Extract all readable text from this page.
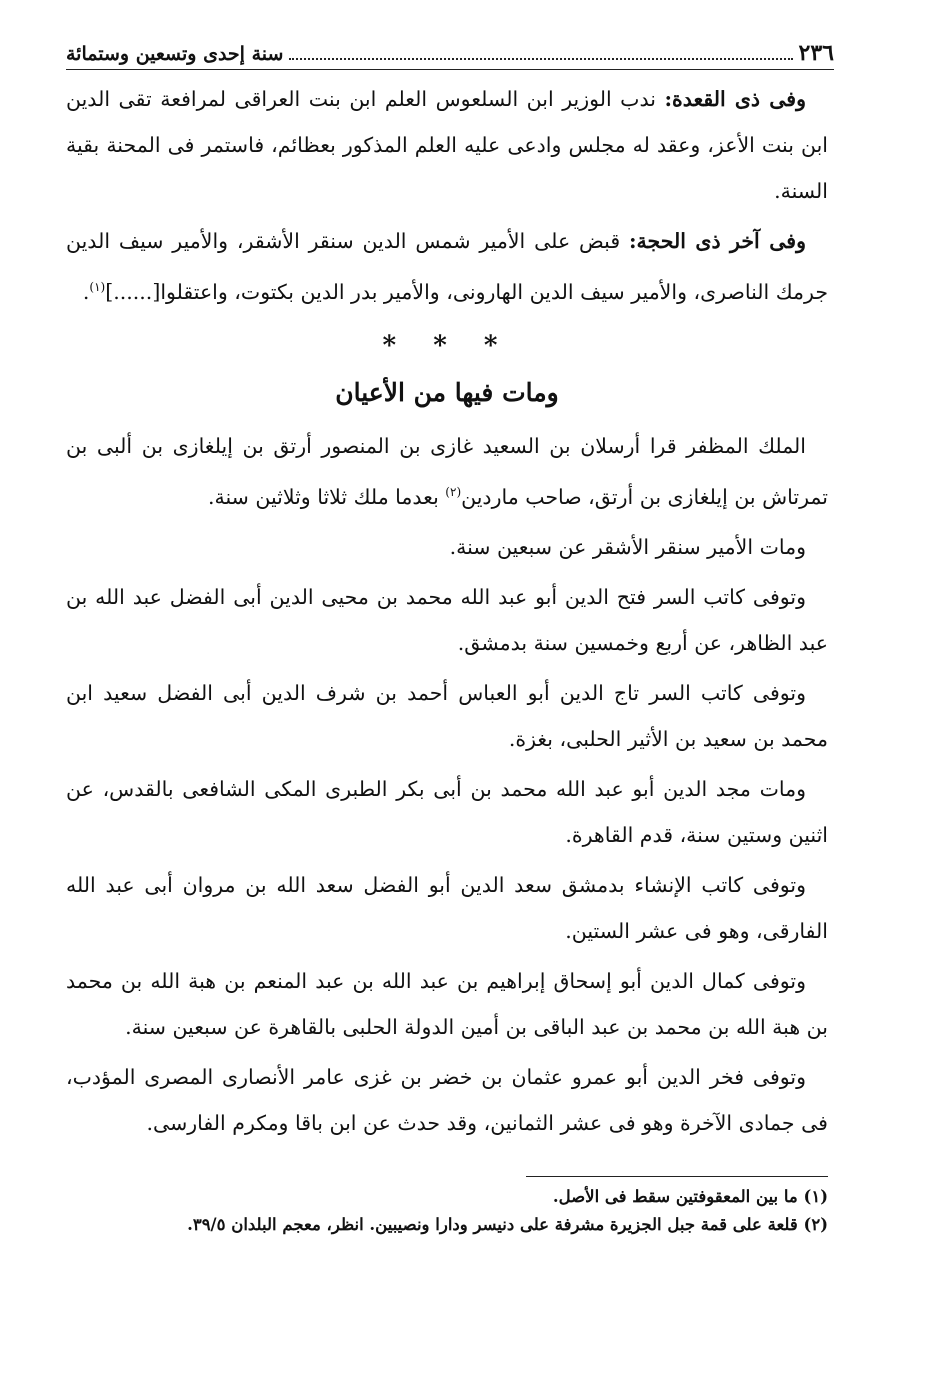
٢٣٦
سنة إحدى وتسعين وستمائة

وفى ذى القعدة: ندب الوزير ابن السلعوس العلم ابن بنت العراقى لمرافعة تقى الدين ابن بنت الأعز، وعقد له مجلس وادعى عليه العلم المذكور بعظائم، فاستمر فى المحنة بقية السنة.

وفى آخر ذى الحجة: قبض على الأمير شمس الدين سنقر الأشقر، والأمير سيف الدين جرمك الناصرى، والأمير سيف الدين الهارونى، والأمير بدر الدين بكتوت، واعتقلوا[......]$^{(١)}$.

* * *
ومات فيها من الأعيان

الملك المظفر قرا أرسلان بن السعيد غازى بن المنصور أرتق بن إيلغازى بن ألبى بن تمرتاش بن إيلغازى بن أرتق، صاحب ماردين$^{(٢)}$ بعدما ملك ثلاثا وثلاثين سنة.

ومات الأمير سنقر الأشقر عن سبعين سنة.

وتوفى كاتب السر فتح الدين أبو عبد الله محمد بن محيى الدين أبى الفضل عبد الله بن عبد الظاهر، عن أربع وخمسين سنة بدمشق.

وتوفى كاتب السر تاج الدين أبو العباس أحمد بن شرف الدين أبى الفضل سعيد ابن محمد بن سعيد بن الأثير الحلبى، بغزة.

ومات مجد الدين أبو عبد الله محمد بن أبى بكر الطبرى المكى الشافعى بالقدس، عن اثنين وستين سنة، قدم القاهرة.

وتوفى كاتب الإنشاء بدمشق سعد الدين أبو الفضل سعد الله بن مروان أبى عبد الله الفارقى، وهو فى عشر الستين.

وتوفى كمال الدين أبو إسحاق إبراهيم بن عبد الله بن عبد المنعم بن هبة الله بن محمد بن هبة الله بن محمد بن عبد الباقى بن أمين الدولة الحلبى بالقاهرة عن سبعين سنة.

وتوفى فخر الدين أبو عمرو عثمان بن خضر بن غزى عامر الأنصارى المصرى المؤدب، فى جمادى الآخرة وهو فى عشر الثمانين، وقد حدث عن ابن باقا ومكرم الفارسى.

(١) ما بين المعقوفتين سقط فى الأصل.

(٢) قلعة على قمة جبل الجزيرة مشرفة على دنيسر ودارا ونصيبين. انظر، معجم البلدان ٣٩/٥.
